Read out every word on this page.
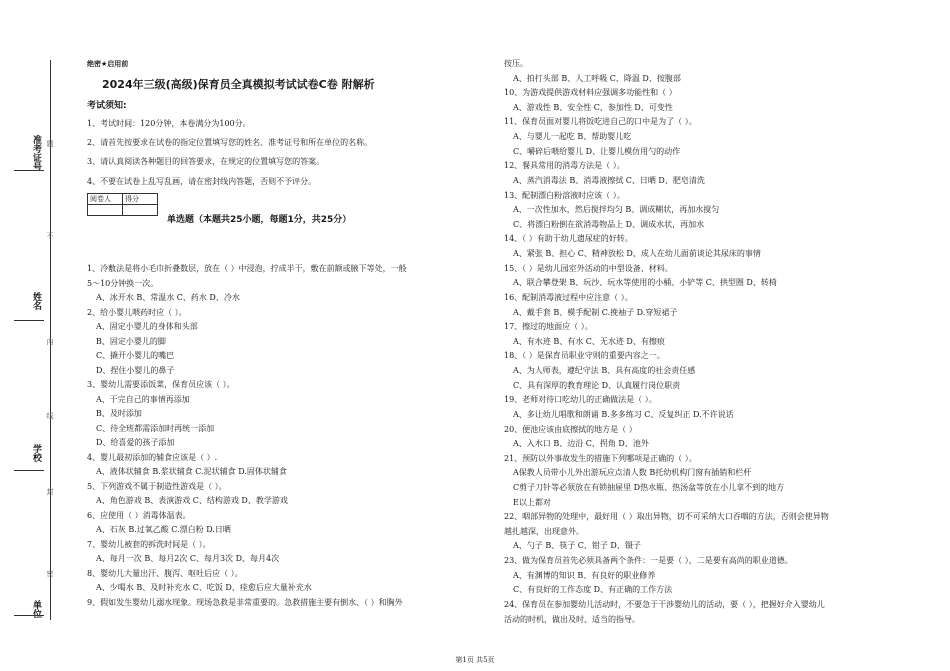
准考证号
姓名
学校
单位
题
不
内
线
封
密
绝密★启用前
2024年三级(高级)保育员全真模拟考试试卷C卷 附解析
考试须知:
1、考试时间：120分钟，本卷满分为100分。
2、请首先按要求在试卷的指定位置填写您的姓名、准考证号和所在单位的名称。
3、请认真阅读各种题目的回答要求，在规定的位置填写您的答案。
4、不要在试卷上乱写乱画，请在密封线内答题，否则不予评分。
阅卷人	得分

单选题（本题共25小题，每题1分，共25分）
1、冷敷法是将小毛巾折叠数层，放在（ ）中浸泡，拧成半干，敷在前额或腋下等处，一般
5～10分钟换一次。
A、冰开水 B、常温水 C、药水 D、冷水
2、给小婴儿喂药时应（ ）。
A、固定小婴儿的身体和头部
B、固定小婴儿的脚
C、撬开小婴儿的嘴巴
D、捏住小婴儿的鼻子
3、婴幼儿需要添饭菜，保育员应该（ ）。
A、干完自己的事情再添加
B、及时添加
C、待全班都需添加时再统一添加
D、给喜爱的孩子添加
4、婴儿最初添加的辅食应该是（ ）.
A、液体状辅食 B.浆状辅食 C.泥状辅食 D.固体状辅食
5、下列游戏不属于制造性游戏是（ ）。
A、角色游戏 B、表演游戏 C、结构游戏 D、教学游戏
6、应使用（ ）消毒体温表。
A、石灰 B.过氧乙酸 C.漂白粉 D.日晒
7、婴幼儿被套的拆洗时间是（ ）。
A、每月一次 B、每月2次 C、每月3次 D、每月4次
8、婴幼儿大量出汗、腹泻、呕吐后应（ ）。
A、少喝水 B、及时补充水 C、吃饭 D、痊愈后应大量补充水
9、假如发生婴幼儿溺水现象。现场急救是非常重要的。急救措施主要有倒水、（ ）和胸外
按压。
A、拍打头部 B、人工呼吸 C、降温 D、按腹部
10、为游戏提供游戏材料应强调多功能性和（ ）
A、游戏性 B、安全性 C、参加性 D、可变性
11、保育员面对婴儿将饭吃进自己的口中是为了（ ）。
A、与婴儿一起吃 B、帮助婴儿吃
C、嚼碎后喂给婴儿 D、让婴儿模仿用勺的动作
12、餐具常用的消毒方法是（ ）。
A、蒸汽消毒法 B、消毒液擦拭 C、日晒 D、肥皂清洗
13、配制漂白粉溶液时应该（ ）。
A、一次性加水，然后搅拌均匀 B、调成糊状，再加水搅匀
C、将漂白粉倒在欲消毒物品上 D、调成水状，再加水
14、（ ）有助于幼儿遗尿症的好转。
A、紧张 B、担心 C、精神放松 D、成人在幼儿面前谈论其尿床的事情
15、（ ）是幼儿园室外活动的中型设备、材料。
A、联合攀登架 B、玩沙、玩水等使用的小桶、小铲等 C、拱型圈 D、转椅
16、配制消毒液过程中应注意（ ）。
A、戴手套 B、模手配制 C.挽袖子 D.穿短裙子
17、擦过的地面应（ ）。
A、有水迹 B、有水 C、无水迹 D、有擦痕
18、（ ）是保育员职业守则的重要内容之一。
A、为人师表，遵纪守法 B、具有高度的社会责任感
C、具有深厚的教育理论 D、认真履行岗位职责
19、老师对待口吃幼儿的正确做法是（ ）。
A、多让幼儿唱歌和朗诵 B.多多练习 C、反复纠正 D.不许说话
20、便池应该由底擦拭的地方是（ ）
A、入水口 B、边沿 C、拐角 D、池外
21、预防以外事故发生的措施下列哪项是正确的（ ）。
A保教人员带小儿外出游玩应点清人数 B托幼机构门窗有插销和栏杆
C剪子刀针等必须放在有锁抽屉里 D热水瓶、热汤盆等放在小儿拿不到的地方
E以上都对
22、咽部异物的处理中，最好用（ ）取出异物，切不可采纳大口吞咽的方法，否则会使异物
越扎越深，出现意外。
A、勺子 B、筷子 C、钳子 D、镊子
23、做为保育员首先必须具备两个条件：一是要（ ），二是要有高尚的职业道德。
A、有渊博的知识 B、有良好的职业修养
C、有良好的工作态度 D、有正确的工作方法
24、保育员在参加婴幼儿活动时，不要急于干涉婴幼儿的活动，要（ ），把握好介入婴幼儿
活动的时机，做出及时、适当的指导。
第1页 共5页
